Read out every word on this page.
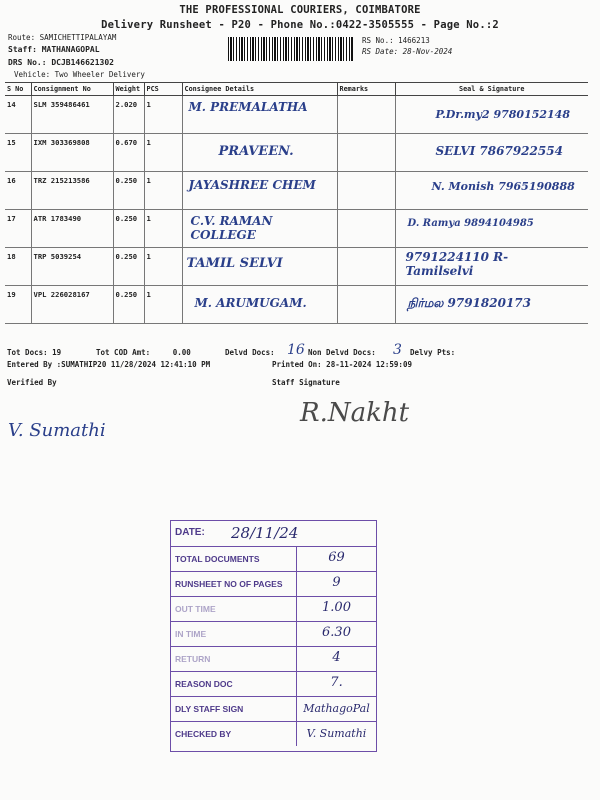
THE PROFESSIONAL COURIERS, COIMBATORE
Delivery Runsheet - P20 - Phone No.:0422-3505555 - Page No.:2
Route: SAMICHETTIPALAYAM
Staff: MATHANAGOPAL
DRS No.: DCJB146621302
Vehicle: Two Wheeler Delivery
RS No.: 1466213
RS Date: 28-Nov-2024
S No	Consignment No	Weight	PCS	Consignee Details	Remarks	Seal & Signature
14	SLM 359486461	2.020	1	M. PREMALATHA		P.Dr.my2 9780152148

15	IXM 303369808	0.670	1	PRAVEEN.		SELVI 7867922554

16	TRZ 215213586	0.250	1	JAYASHREE CHEM		N. Monish 7965190888

17	ATR 1783490	0.250	1	C.V. RAMAN COLLEGE		D. Ramya 9894104985

18	TRP 5039254	0.250	1	TAMIL SELVI		9791224110 R-Tamilselvi

19	VPL 226028167	0.250	1	M. ARUMUGAM.		நிர்மல 9791820173
Tot Docs: 19	Tot COD Amt:     0.00	Delvd Docs: 16 Non Delvd Docs: 3 Delvy Pts:
Entered By :SUMATHIP20 11/28/2024 12:41:10 PM	Printed On: 28-11-2024 12:59:09
Verified By
V. Sumathi
Staff Signature
R.Nakht
DATE: 28/11/24
TOTAL DOCUMENTS	69
RUNSHEET NO OF PAGES	9
OUT TIME	1.00
IN TIME	6.30
RETURN	4
REASON DOC	7.
DLY STAFF SIGN	MathagoPal
CHECKED BY	V. Sumathi
